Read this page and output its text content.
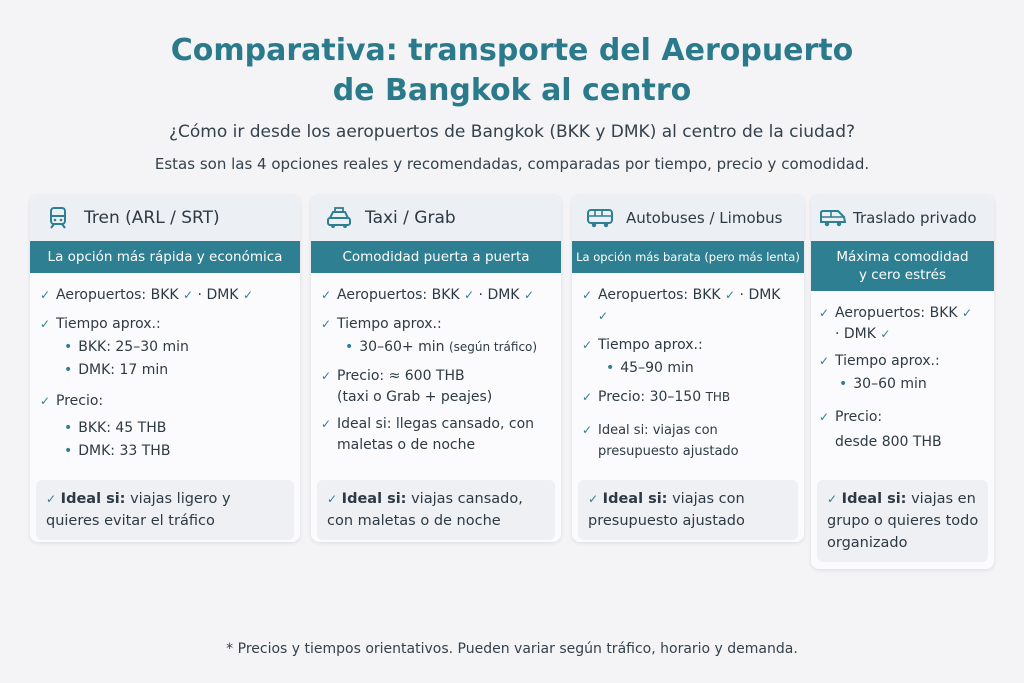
Comparativa: transporte del Aeropuerto
de Bangkok al centro
¿Cómo ir desde los aeropuertos de Bangkok (BKK y DMK) al centro de la ciudad?
Estas son las 4 opciones reales y recomendadas, comparadas por tiempo, precio y comodidad.
Tren (ARL / SRT)
La opción más rápida y económica
✓ Aeropuertos: BKK ✓ · DMK ✓
✓ Tiempo aprox.:
• BKK: 25–30 min
• DMK: 17 min
✓ Precio:
• BKK: 45 THB
• DMK: 33 THB
✓ Ideal si: viajas ligero y quieres evitar el tráfico
Taxi / Grab
Comodidad puerta a puerta
✓ Aeropuertos: BKK ✓ · DMK ✓
✓ Tiempo aprox.:
• 30–60+ min (según tráfico)
✓ Precio: ≈ 600 THB
(taxi o Grab + peajes)
✓ Ideal si: llegas cansado, con maletas o de noche
✓ Ideal si: viajas cansado, con maletas o de noche
Autobuses / Limobus
La opción más barata (pero más lenta)
✓ Aeropuertos: BKK ✓ · DMK ✓
✓ Tiempo aprox.:
• 45–90 min
✓ Precio: 30–150 THB
✓ Ideal si: viajas con presupuesto ajustado
✓ Ideal si: viajas con presupuesto ajustado
Traslado privado
Máxima comodidad
y cero estrés
✓ Aeropuertos: BKK ✓
· DMK ✓
✓ Tiempo aprox.:
• 30–60 min
✓ Precio:
desde 800 THB
✓ Ideal si: viajas en grupo o quieres todo organizado
* Precios y tiempos orientativos. Pueden variar según tráfico, horario y demanda.
